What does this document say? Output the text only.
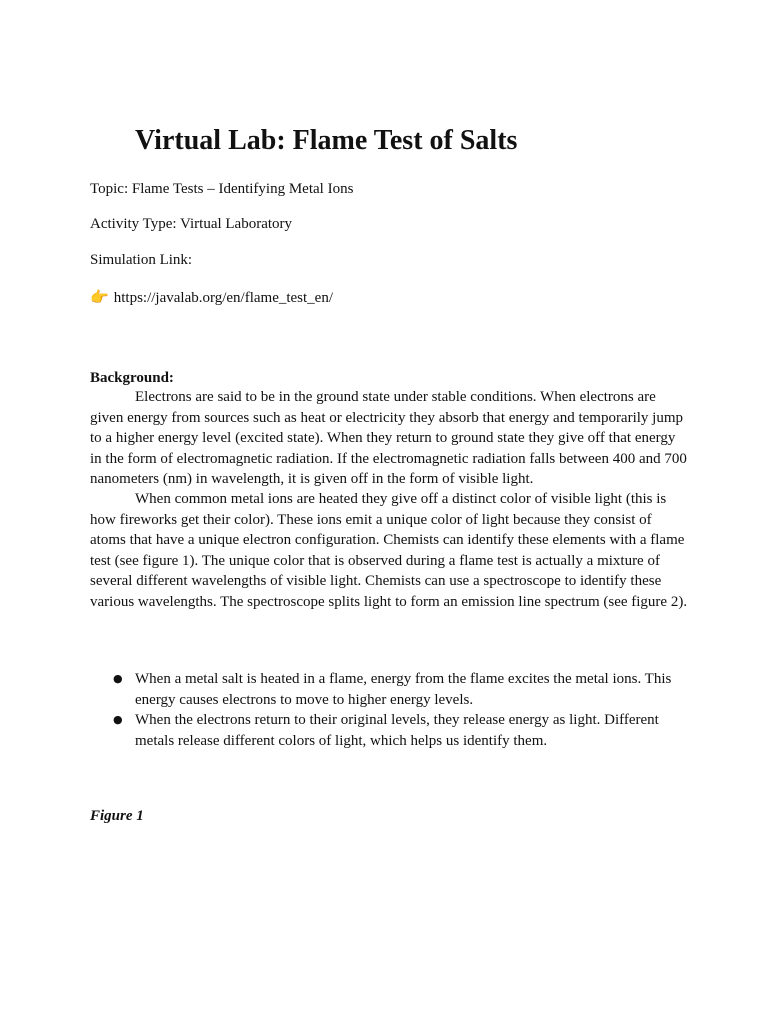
Virtual Lab: Flame Test of Salts

Topic: Flame Tests – Identifying Metal Ions

Activity Type: Virtual Laboratory

Simulation Link:

👉 https://javalab.org/en/flame_test_en/

Background:

Electrons are said to be in the ground state under stable conditions. When electrons are given energy from sources such as heat or electricity they absorb that energy and temporarily jump to a higher energy level (excited state). When they return to ground state they give off that energy in the form of electromagnetic radiation. If the electromagnetic radiation falls between 400 and 700 nanometers (nm) in wavelength, it is given off in the form of visible light.

When common metal ions are heated they give off a distinct color of visible light (this is how fireworks get their color). These ions emit a unique color of light because they consist of atoms that have a unique electron configuration. Chemists can identify these elements with a flame test (see figure 1). The unique color that is observed during a flame test is actually a mixture of several different wavelengths of visible light. Chemists can use a spectroscope to identify these various wavelengths. The spectroscope splits light to form an emission line spectrum (see figure 2).

● When a metal salt is heated in a flame, energy from the flame excites the metal ions. This energy causes electrons to move to higher energy levels.
● When the electrons return to their original levels, they release energy as light. Different metals release different colors of light, which helps us identify them.

Figure 1
